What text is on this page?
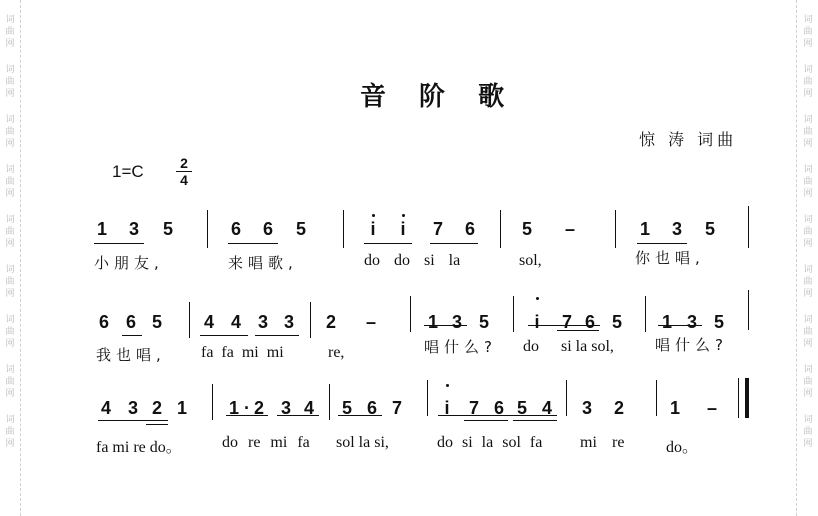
词
曲
网
词
曲
网
词
曲
网
词
曲
网
词
曲
网
词
曲
网
词
曲
网
词
曲
网
词
曲
网
词
曲
网
词
曲
网
词
曲
网
词
曲
网
词
曲
网
词
曲
网
词
曲
网
词
曲
网
词
曲
网
音 阶 歌
惊 涛 词曲
1=C	2
4
1 3 5	6 6 5	i i 7 6	5 –	1 3 5
小朋友,	来唱歌,	do do si la	sol,	你也唱,
6 6 5 4 4 3 3 2 –	1 3 5	i 7 6 5 1 3 5
我也唱, fa fa mi mi	re,	唱什么? do si la sol,	唱什么?
4 3 2 1 1 · 2 3 4 5 6 7 i 7 6 5 4 3 2	1 –
fa mi re do。	do re mi fa sol la si,	do si la sol fa mi re	do。
